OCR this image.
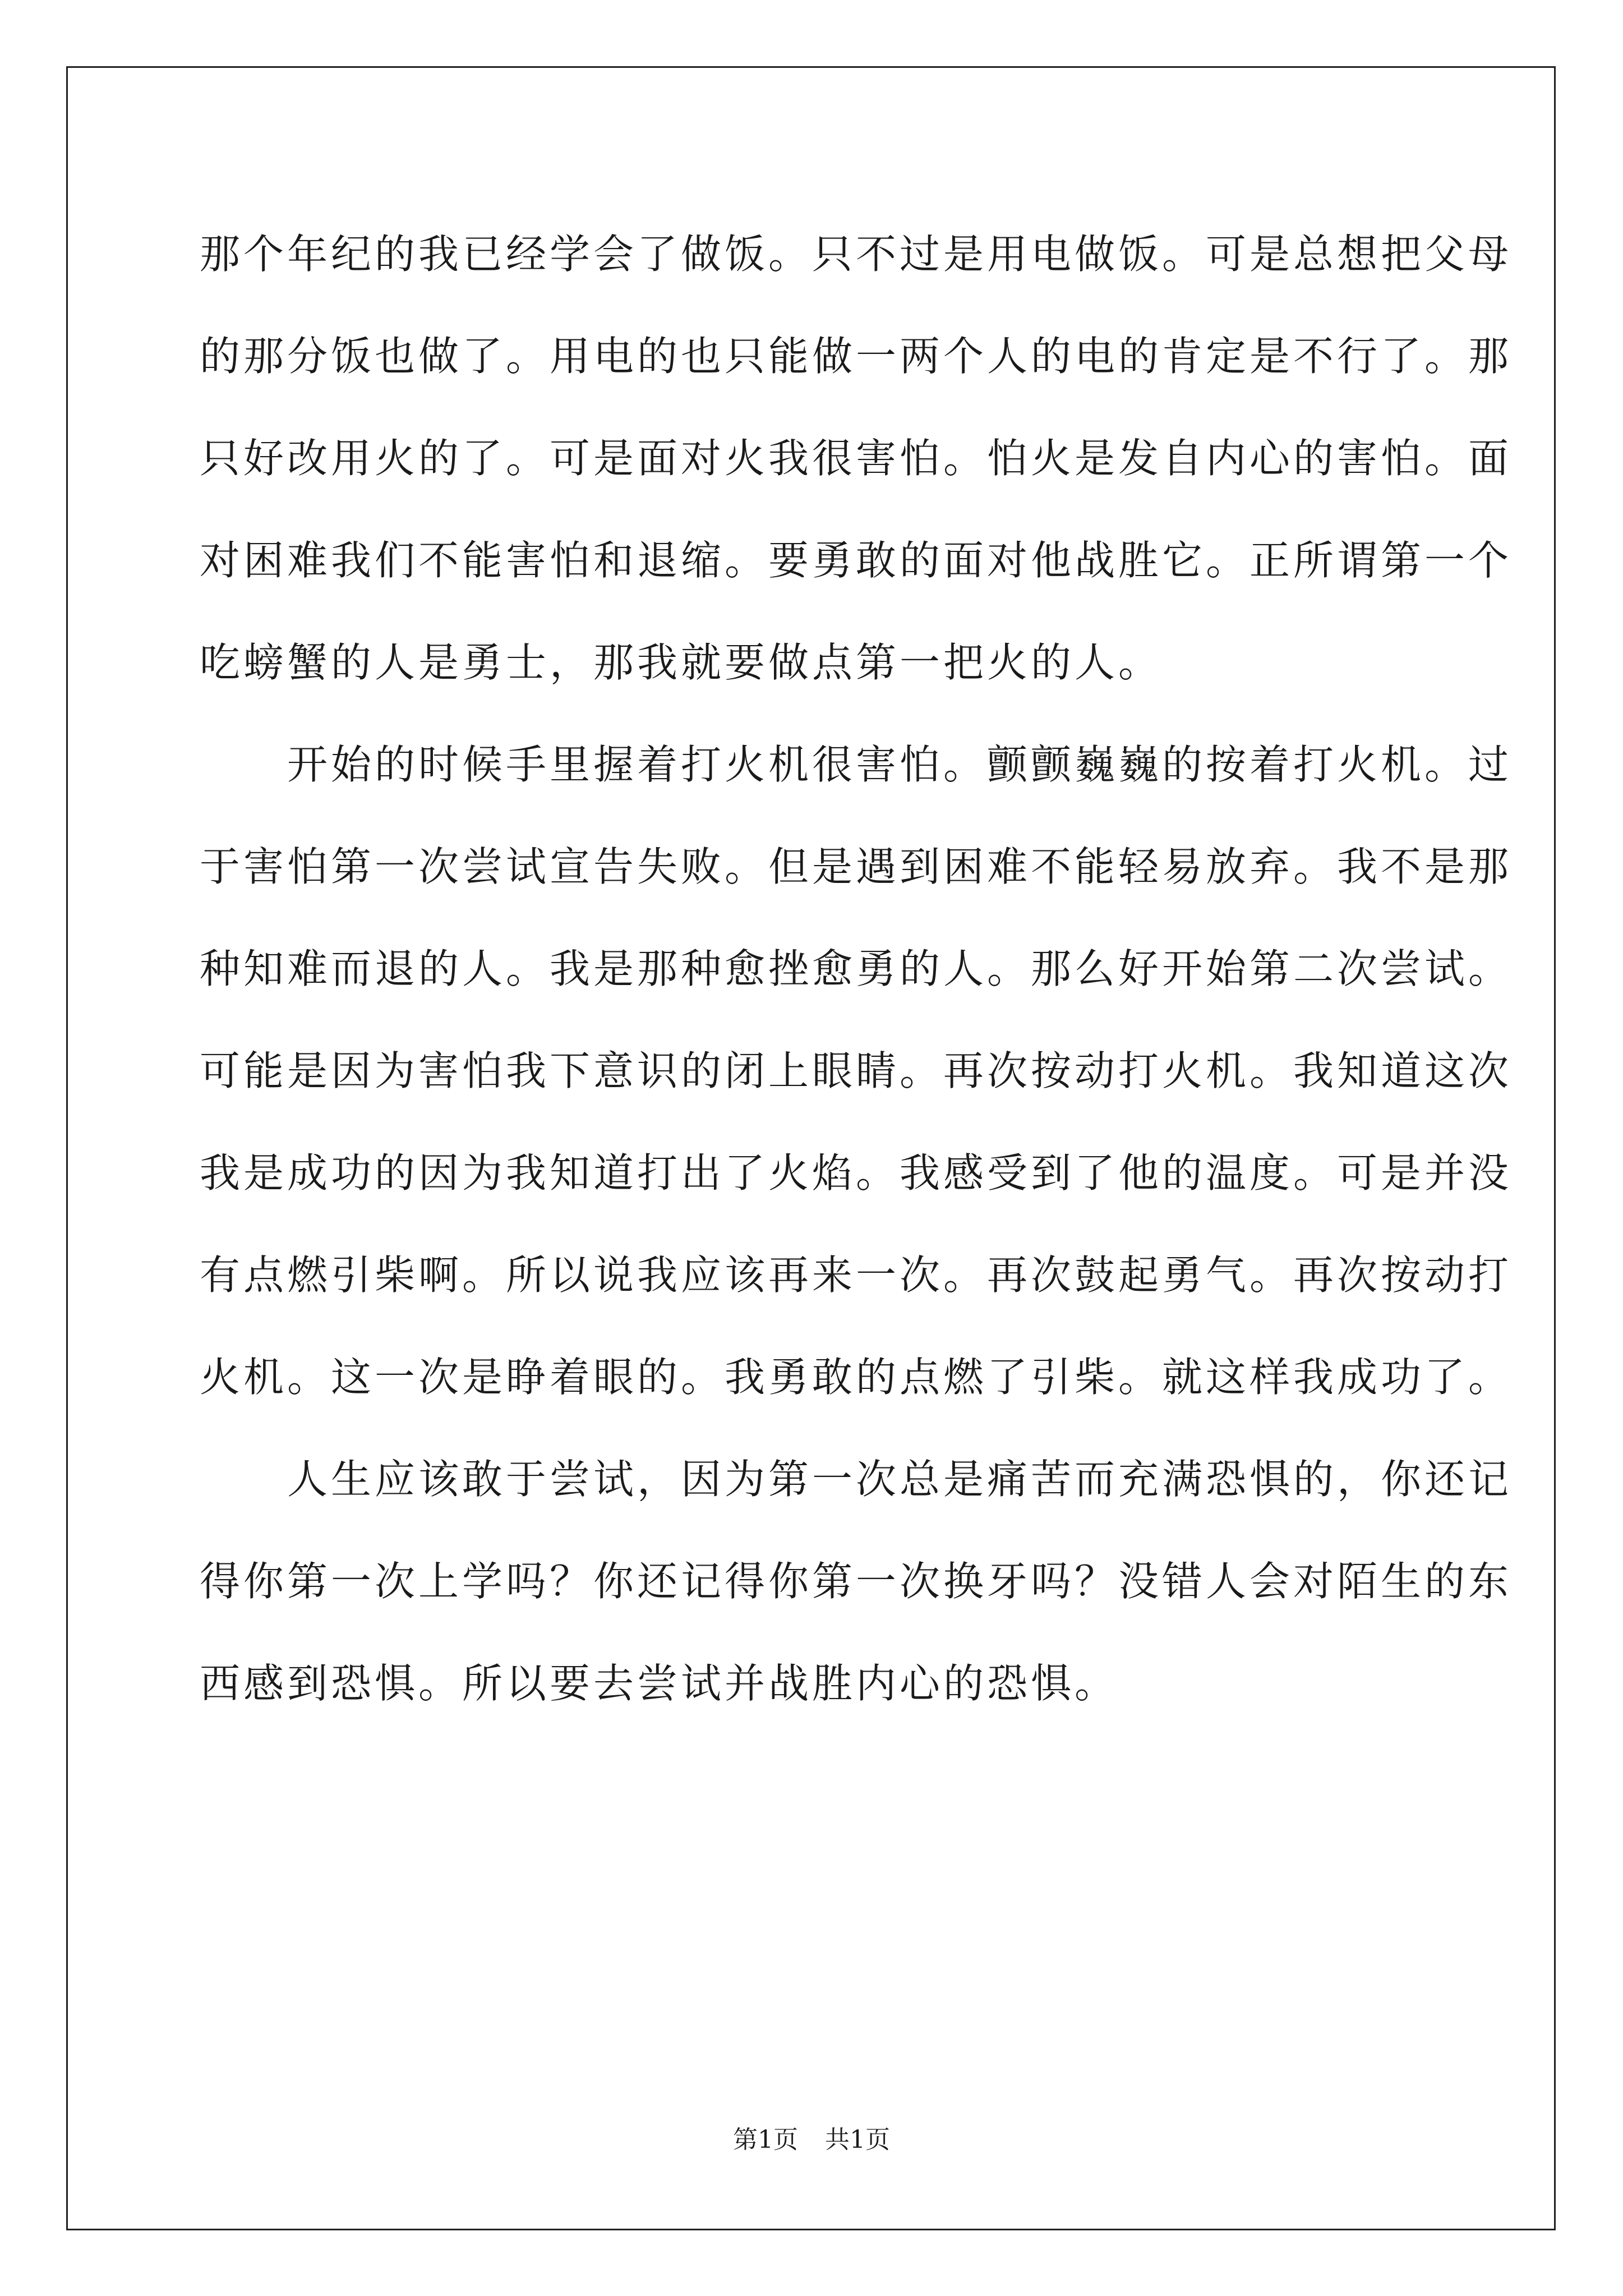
那个年纪的我已经学会了做饭。只不过是用电做饭。可是总想把父母
的那分饭也做了。用电的也只能做一两个人的电的肯定是不行了。那
只好改用火的了。可是面对火我很害怕。怕火是发自内心的害怕。面
对困难我们不能害怕和退缩。要勇敢的面对他战胜它。正所谓第一个
吃螃蟹的人是勇士，那我就要做点第一把火的人。
　　开始的时候手里握着打火机很害怕。颤颤巍巍的按着打火机。过
于害怕第一次尝试宣告失败。但是遇到困难不能轻易放弃。我不是那
种知难而退的人。我是那种愈挫愈勇的人。那么好开始第二次尝试。
可能是因为害怕我下意识的闭上眼睛。再次按动打火机。我知道这次
我是成功的因为我知道打出了火焰。我感受到了他的温度。可是并没
有点燃引柴啊。所以说我应该再来一次。再次鼓起勇气。再次按动打
火机。这一次是睁着眼的。我勇敢的点燃了引柴。就这样我成功了。
　　人生应该敢于尝试，因为第一次总是痛苦而充满恐惧的，你还记
得你第一次上学吗？你还记得你第一次换牙吗？没错人会对陌生的东
西感到恐惧。所以要去尝试并战胜内心的恐惧。
第1页 共1页
